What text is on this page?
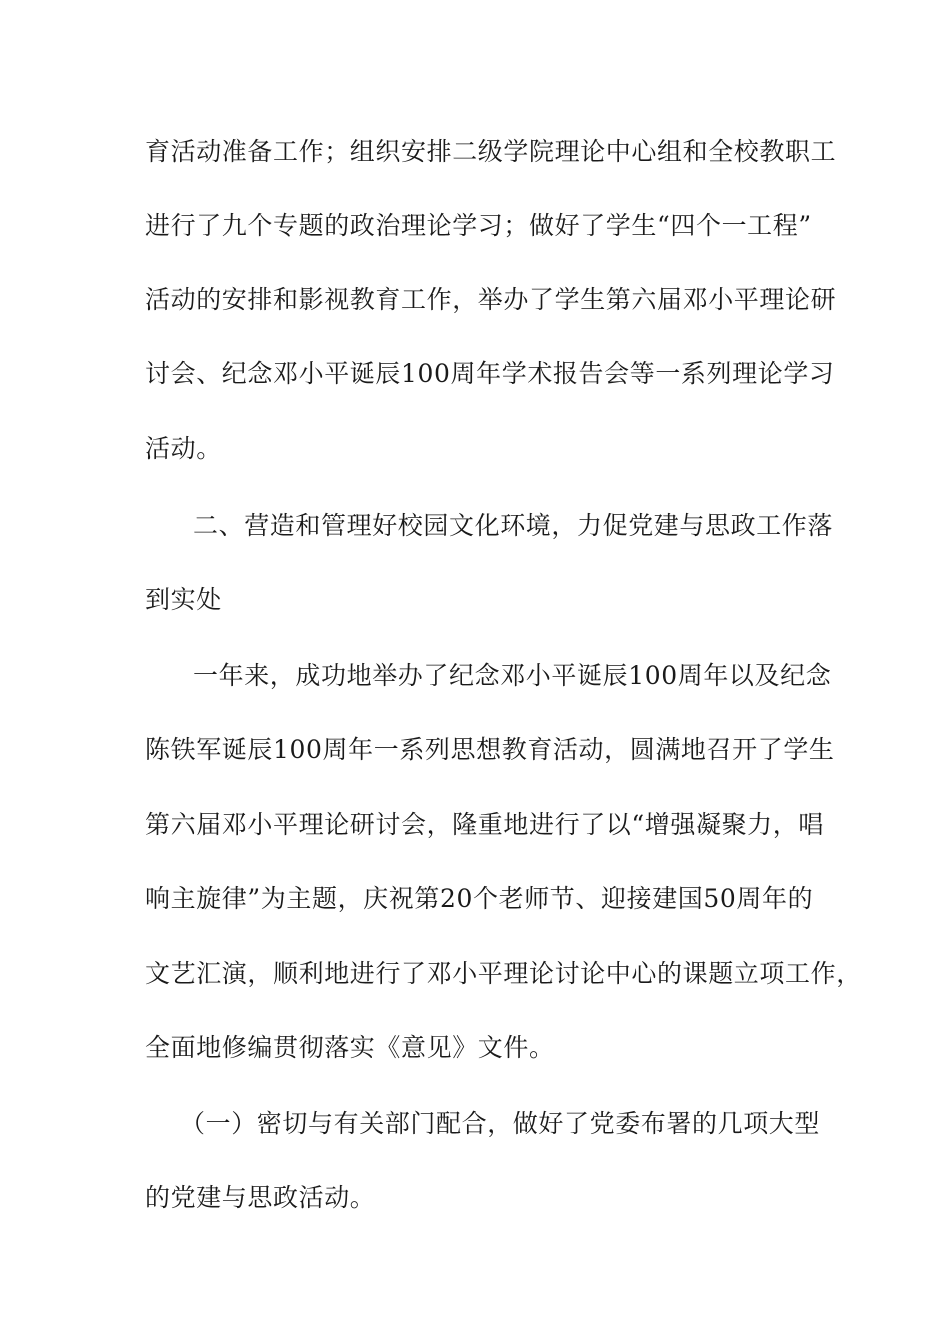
育活动准备工作；组织安排二级学院理论中心组和全校教职工
进行了九个专题的政治理论学习；做好了学生“四个一工程”
活动的安排和影视教育工作，举办了学生第六届邓小平理论研
讨会、纪念邓小平诞辰100周年学术报告会等一系列理论学习
活动。
二、营造和管理好校园文化环境，力促党建与思政工作落
到实处
一年来，成功地举办了纪念邓小平诞辰100周年以及纪念
陈铁军诞辰100周年一系列思想教育活动，圆满地召开了学生
第六届邓小平理论研讨会，隆重地进行了以“增强凝聚力，唱
响主旋律”为主题，庆祝第20个老师节、迎接建国50周年的
文艺汇演，顺利地进行了邓小平理论讨论中心的课题立项工作，
全面地修编贯彻落实《意见》文件。
（一）密切与有关部门配合，做好了党委布署的几项大型
的党建与思政活动。
